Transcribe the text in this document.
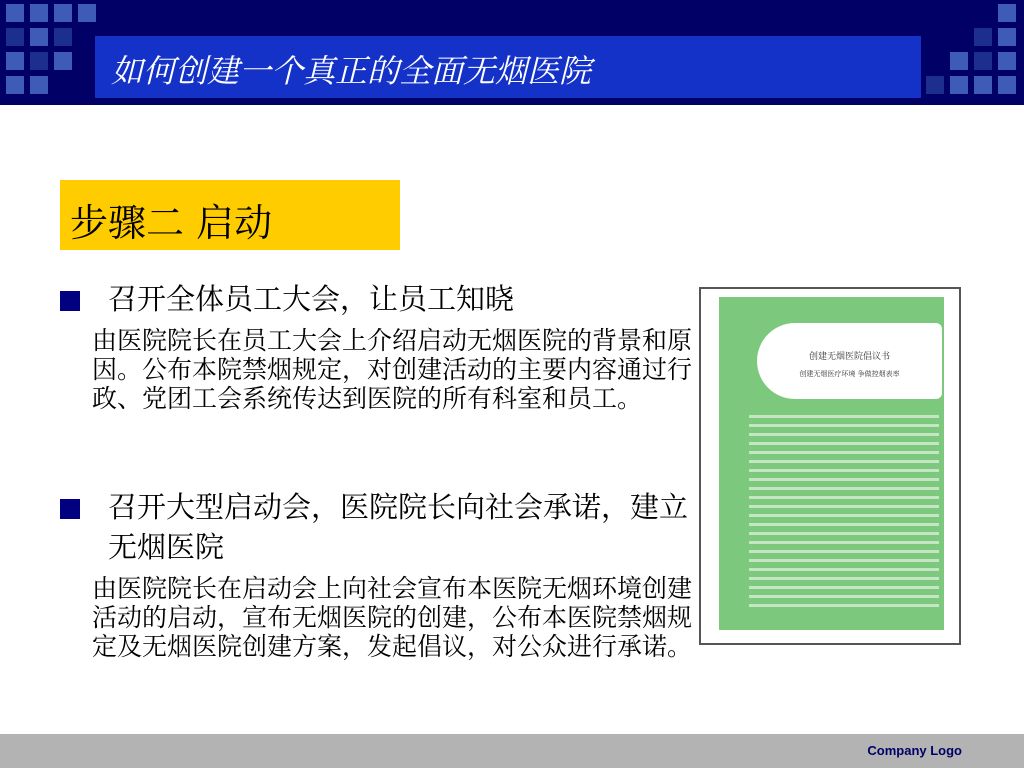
如何创建一个真正的全面无烟医院
步骤二 启动
召开全体员工大会，让员工知晓
由医院院长在员工大会上介绍启动无烟医院的背景和原因。公布本院禁烟规定，对创建活动的主要内容通过行政、党团工会系统传达到医院的所有科室和员工。
召开大型启动会，医院院长向社会承诺，建立无烟医院
由医院院长在启动会上向社会宣布本医院无烟环境创建活动的启动，宣布无烟医院的创建，公布本医院禁烟规定及无烟医院创建方案，发起倡议，对公众进行承诺。
创建无烟医院倡议书
创建无烟医疗环境 争做控烟表率
Company Logo
